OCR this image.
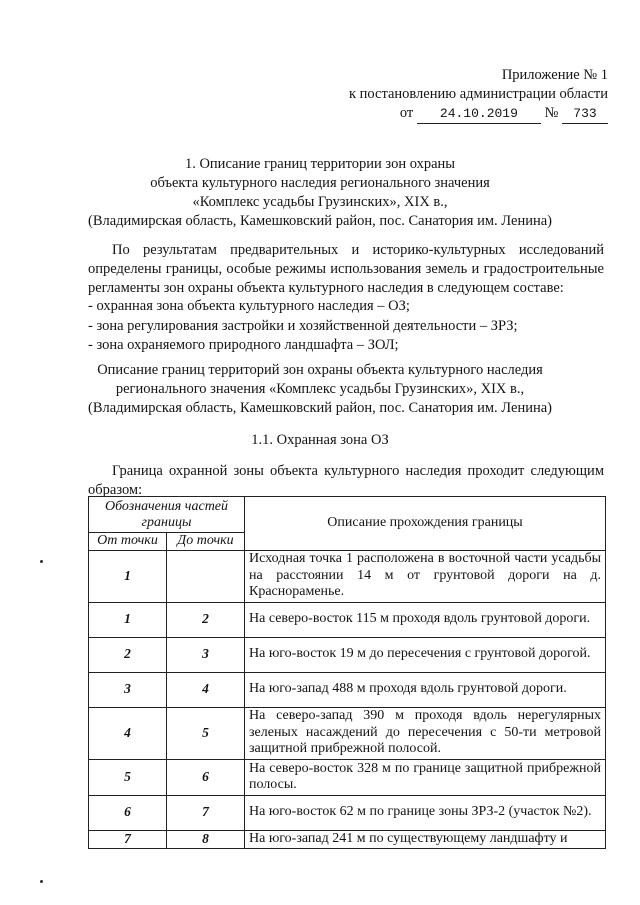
Приложение № 1
к постановлению администрации области
от 24.10.2019 № 733
1. Описание границ территории зон охраны
объекта культурного наследия регионального значения
«Комплекс усадьбы Грузинских», XIX в.,
(Владимирская область, Камешковский район, пос. Санатория им. Ленина)
По результатам предварительных и историко-культурных исследований определены границы, особые режимы использования земель и градостроительные регламенты зон охраны объекта культурного наследия в следующем составе:
- охранная зона объекта культурного наследия – ОЗ;
- зона регулирования застройки и хозяйственной деятельности – ЗРЗ;
- зона охраняемого природного ландшафта – ЗОЛ;
Описание границ территорий зон охраны объекта культурного наследия
регионального значения «Комплекс усадьбы Грузинских», XIX в.,
(Владимирская область, Камешковский район, пос. Санатория им. Ленина)
1.1. Охранная зона ОЗ
Граница охранной зоны объекта культурного наследия проходит следующим образом:
Обозначения частей границы		Описание прохождения границы
От точки	До точки	
1		Исходная точка 1 расположена в восточной части усадьбы на расстоянии 14 м от грунтовой дороги на д. Краснораменье.
1	2	На северо-восток 115 м проходя вдоль грунтовой дороги.
2	3	На юго-восток 19 м до пересечения с грунтовой дорогой.
3	4	На юго-запад 488 м проходя вдоль грунтовой дороги.
4	5	На северо-запад 390 м проходя вдоль нерегулярных зеленых насаждений до пересечения с 50-ти метровой защитной прибрежной полосой.
5	6	На северо-восток 328 м по границе защитной прибрежной полосы.
6	7	На юго-восток 62 м по границе зоны ЗРЗ-2 (участок №2).
7	8	На юго-запад 241 м по существующему ландшафту и
